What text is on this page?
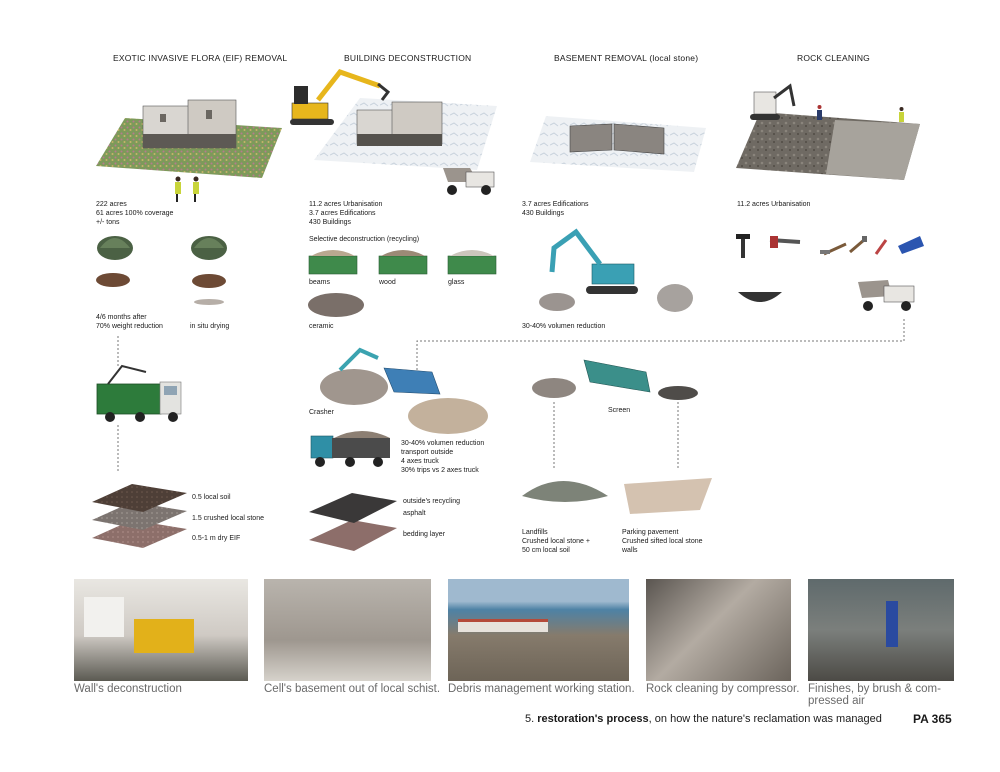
EXOTIC INVASIVE FLORA (EIF) REMOVAL	BUILDING DECONSTRUCTION	BASEMENT REMOVAL (local stone)	ROCK CLEANING
222 acres
61 acres 100% coverage
+/- tons
4/6 months after
70% weight reduction	in situ drying
0.5 local soil
1.5 crushed local stone
0.5-1 m dry EIF
11.2 acres Urbanisation
3.7 acres Edifications
430 Buildings
Selective deconstruction (recycling)
beams	wood	glass
ceramic
Crasher
30-40% volumen reduction
transport outside
4 axes truck
30% trips vs 2 axes truck
outside's recycling
asphalt
bedding layer
3.7 acres Edifications
430 Buildings
30-40% volumen reduction
Screen
Landfills
Crushed local stone +
50 cm local soil
Parking pavement
Crushed sifted local stone
walls
11.2 acres Urbanisation
Wall's deconstruction	Cell's basement out of local schist. Debris management working station. Rock cleaning by compressor. Finishes, by brush & com-
pressed air
5. restoration's process, on how the nature's reclamation was managed	PA 365
